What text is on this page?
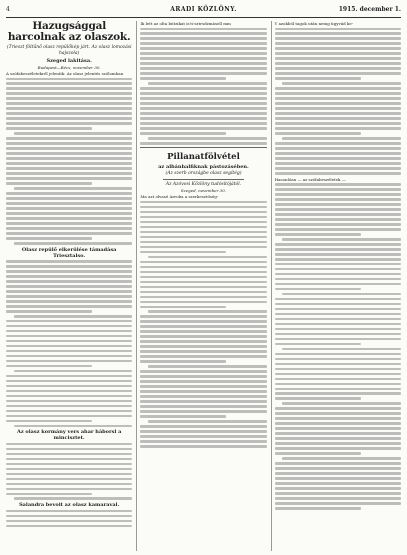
4	ARADI KÖZLÖNY.	1915. december 1.
Hazugsággal harcolnak az olaszok.
(Trieszt föltűnő olasz repülőkép járt. Az olasz lomozási hajszola)
Szeged lakitása.
Budapest—Bécs, november 30.
A szófabeszéletekről jelentik: Az olasz jelentés szólomban
Olasz repülő elkerülése támadása Triesztalso.
Az olasz kormány vers ahar háborsl a mincisztet.
Salandra bevoit az olasz kamaraval.
Ik lett az olta bútzikat is!s'sztrsdzmásell mm
Pillanatfölvétel
az albánhalfiknak pástozásében.
(Az szerb országbe olasz segítég)
Az Azóvosi Kőzlöny tudósitójától.
Szeged, november 30.
Ma azt olvasé Arroba a szerkesztőség-
Y azokból tagok után nemg ügyvád ke-
Hasonlóan — az szófabeszéletek —
